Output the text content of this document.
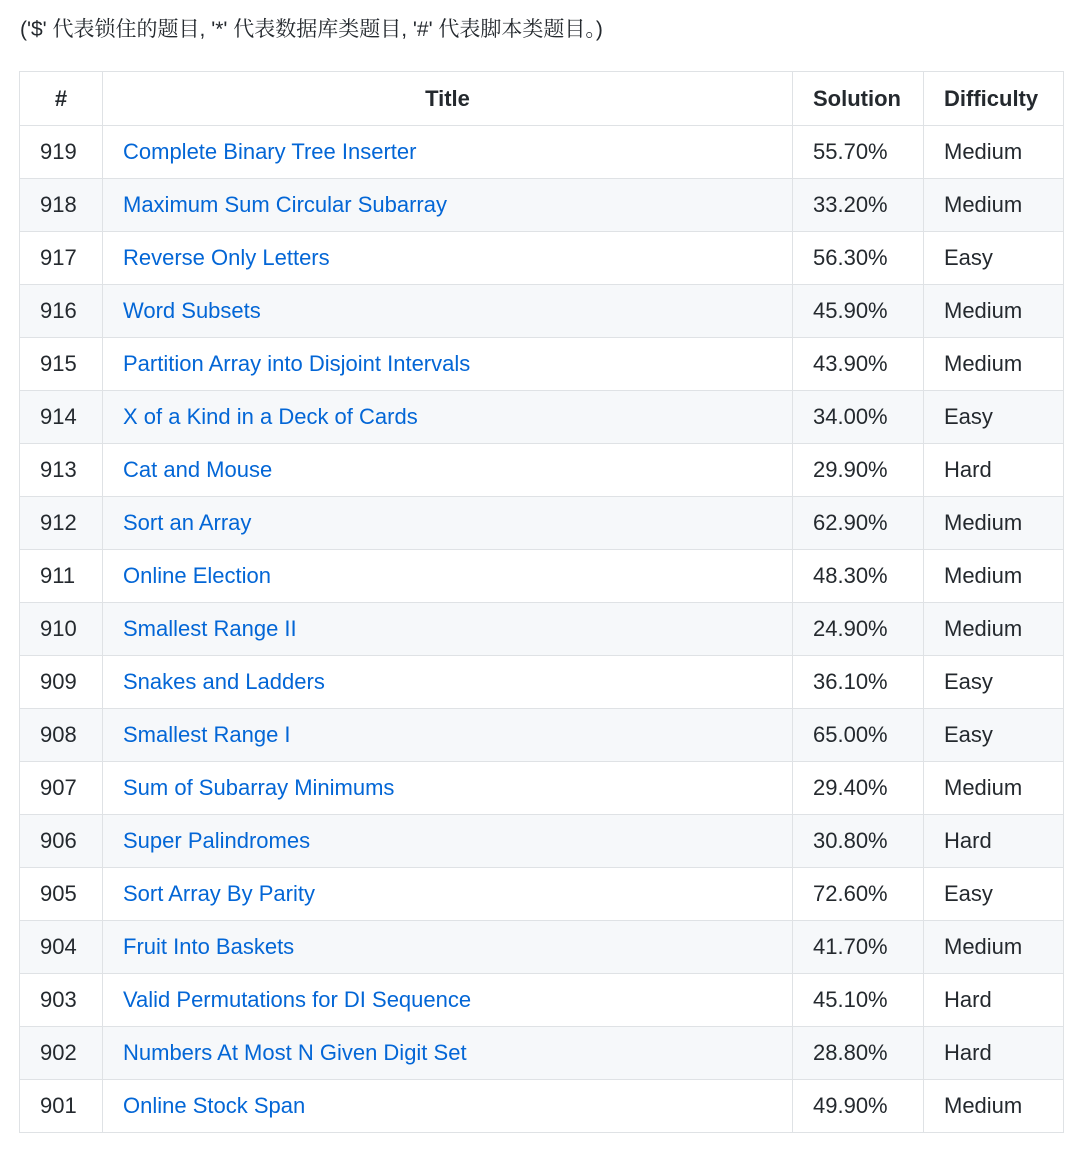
('$' 代表锁住的题目, '*' 代表数据库类题目, '#' 代表脚本类题目。)
#	Title	Solution	Difficulty
919	Complete Binary Tree Inserter	55.70%	Medium
918	Maximum Sum Circular Subarray	33.20%	Medium
917	Reverse Only Letters	56.30%	Easy
916	Word Subsets	45.90%	Medium
915	Partition Array into Disjoint Intervals	43.90%	Medium
914	X of a Kind in a Deck of Cards	34.00%	Easy
913	Cat and Mouse	29.90%	Hard
912	Sort an Array	62.90%	Medium
911	Online Election	48.30%	Medium
910	Smallest Range II	24.90%	Medium
909	Snakes and Ladders	36.10%	Easy
908	Smallest Range I	65.00%	Easy
907	Sum of Subarray Minimums	29.40%	Medium
906	Super Palindromes	30.80%	Hard
905	Sort Array By Parity	72.60%	Easy
904	Fruit Into Baskets	41.70%	Medium
903	Valid Permutations for DI Sequence	45.10%	Hard
902	Numbers At Most N Given Digit Set	28.80%	Hard
901	Online Stock Span	49.90%	Medium
